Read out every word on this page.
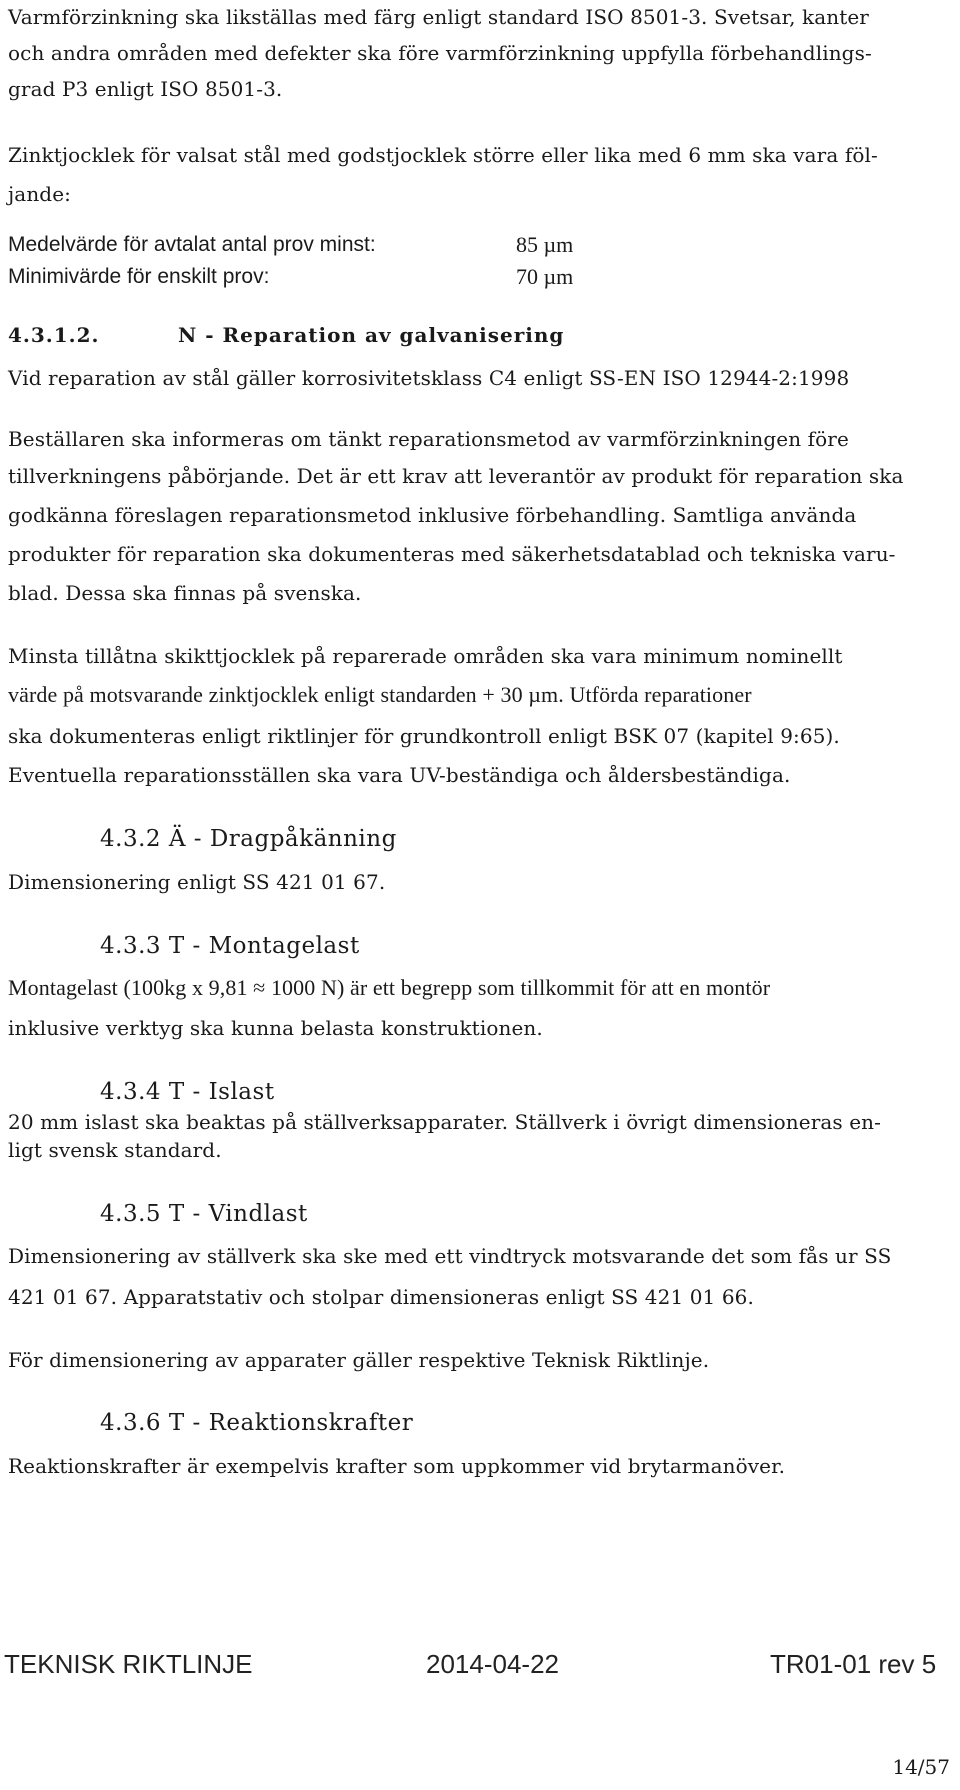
Varmförzinkning ska likställas med färg enligt standard ISO 8501-3. Svetsar, kanter
och andra områden med defekter ska före varmförzinkning uppfylla förbehandlings-
grad P3 enligt ISO 8501-3.
Zinktjocklek för valsat stål med godstjocklek större eller lika med 6 mm ska vara föl-
jande:
Medelvärde för avtalat antal prov minst:	85 µm
Minimivärde för enskilt prov:	70 µm
4.3.1.2.	N - Reparation av galvanisering
Vid reparation av stål gäller korrosivitetsklass C4 enligt SS-EN ISO 12944-2:1998
Beställaren ska informeras om tänkt reparationsmetod av varmförzinkningen före
tillverkningens påbörjande. Det är ett krav att leverantör av produkt för reparation ska
godkänna föreslagen reparationsmetod inklusive förbehandling. Samtliga använda
produkter för reparation ska dokumenteras med säkerhetsdatablad och tekniska varu-
blad. Dessa ska finnas på svenska.
Minsta tillåtna skikttjocklek på reparerade områden ska vara minimum nominellt
värde på motsvarande zinktjocklek enligt standarden + 30 µm. Utförda reparationer
ska dokumenteras enligt riktlinjer för grundkontroll enligt BSK 07 (kapitel 9:65).
Eventuella reparationsställen ska vara UV-beständiga och åldersbeständiga.
4.3.2 Ä - Dragpåkänning
Dimensionering enligt SS 421 01 67.
4.3.3 T - Montagelast
Montagelast (100kg x 9,81 ≈ 1000 N) är ett begrepp som tillkommit för att en montör
inklusive verktyg ska kunna belasta konstruktionen.
4.3.4 T - Islast
20 mm islast ska beaktas på ställverksapparater. Ställverk i övrigt dimensioneras en-
ligt svensk standard.
4.3.5 T - Vindlast
Dimensionering av ställverk ska ske med ett vindtryck motsvarande det som fås ur SS
421 01 67. Apparatstativ och stolpar dimensioneras enligt SS 421 01 66.
För dimensionering av apparater gäller respektive Teknisk Riktlinje.
4.3.6 T - Reaktionskrafter
Reaktionskrafter är exempelvis krafter som uppkommer vid brytarmanöver.
TEKNISK RIKTLINJE	2014-04-22	TR01-01 rev 5
14/57
